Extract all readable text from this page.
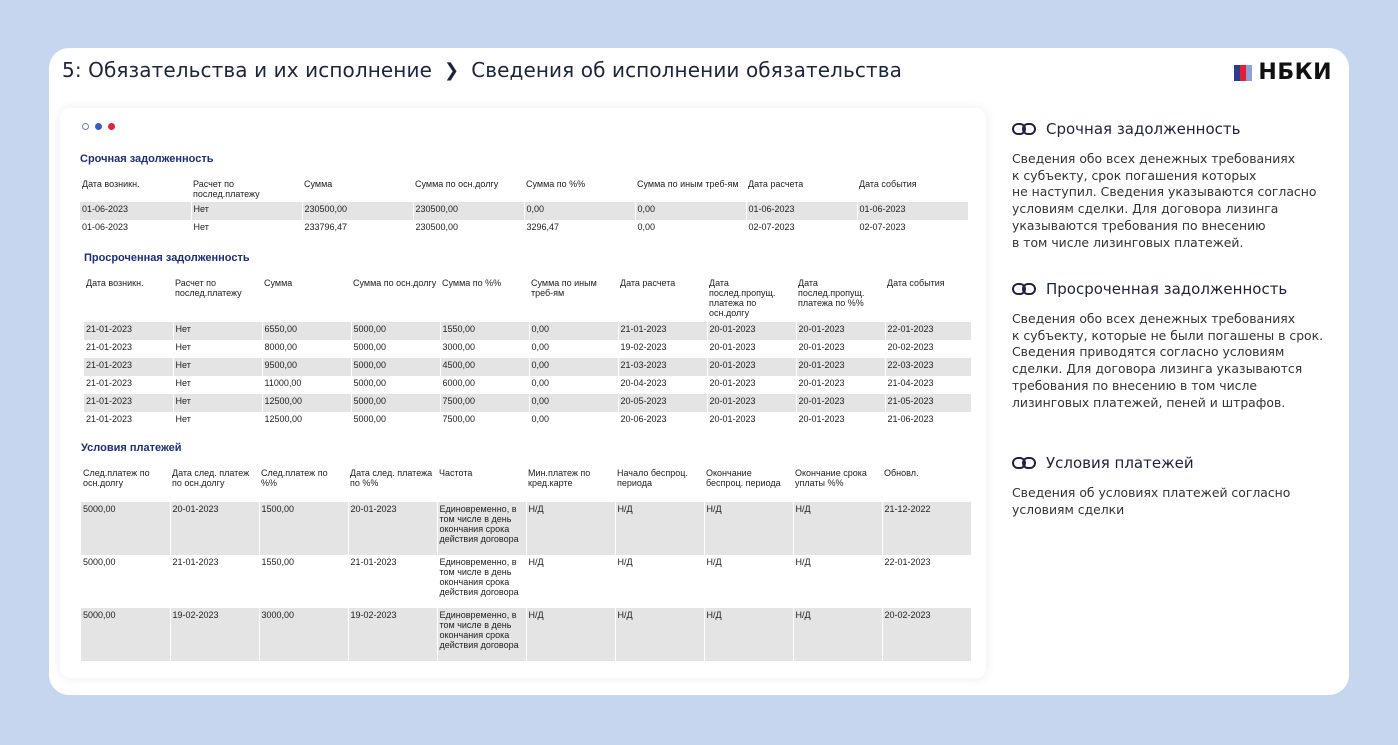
5: Обязательства и их исполнение ❯ Сведения об исполнении обязательства	НБКИ
Срочная задолженность
Дата возникн.	Расчет по послед.платежу	Сумма	Сумма по осн.долгу	Сумма по %%	Сумма по иным треб-ям	Дата расчета	Дата события
01-06-2023	Нет	230500,00	230500,00	0,00	0,00	01-06-2023	01-06-2023
01-06-2023	Нет	233796,47	230500,00	3296,47	0,00	02-07-2023	02-07-2023
Просроченная задолженность
Дата возникн.	Расчет по послед.платежу	Сумма	Сумма по осн.долгу	Сумма по %%	Сумма по иным треб-ям	Дата расчета	Дата послед.пропущ. платежа по осн.долгу	Дата послед.пропущ. платежа по %%	Дата события
21-01-2023	Нет	6550,00	5000,00	1550,00	0,00	21-01-2023	20-01-2023	20-01-2023	22-01-2023
21-01-2023	Нет	8000,00	5000,00	3000,00	0,00	19-02-2023	20-01-2023	20-01-2023	20-02-2023
21-01-2023	Нет	9500,00	5000,00	4500,00	0,00	21-03-2023	20-01-2023	20-01-2023	22-03-2023
21-01-2023	Нет	11000,00	5000,00	6000,00	0,00	20-04-2023	20-01-2023	20-01-2023	21-04-2023
21-01-2023	Нет	12500,00	5000,00	7500,00	0,00	20-05-2023	20-01-2023	20-01-2023	21-05-2023
21-01-2023	Нет	12500,00	5000,00	7500,00	0,00	20-06-2023	20-01-2023	20-01-2023	21-06-2023
Условия платежей
След.платеж по осн.долгу	Дата след. платеж по осн.долгу	След.платеж по %%	Дата след. платежа по %%	Частота	Мин.платеж по кред.карте	Начало беспроц. периода	Окончание беспроц. периода	Окончание срока уплаты %%	Обновл.
5000,00	20-01-2023	1500,00	20-01-2023	Единовременно, в том числе в день окончания срока действия договора	Н/Д	Н/Д	Н/Д	Н/Д	21-12-2022
5000,00	21-01-2023	1550,00	21-01-2023	Единовременно, в том числе в день окончания срока действия договора	Н/Д	Н/Д	Н/Д	Н/Д	22-01-2023
5000,00	19-02-2023	3000,00	19-02-2023	Единовременно, в том числе в день окончания срока действия договора	Н/Д	Н/Д	Н/Д	Н/Д	20-02-2023
Срочная задолженность
Сведения обо всех денежных требованиях
к субъекту, срок погашения которых
не наступил. Сведения указываются согласно
условиям сделки. Для договора лизинга
указываются требования по внесению
в том числе лизинговых платежей.
Просроченная задолженность
Сведения обо всех денежных требованиях
к субъекту, которые не были погашены в срок.
Сведения приводятся согласно условиям
сделки. Для договора лизинга указываются
требования по внесению в том числе
лизинговых платежей, пеней и штрафов.
Условия платежей
Сведения об условиях платежей согласно
условиям сделки
